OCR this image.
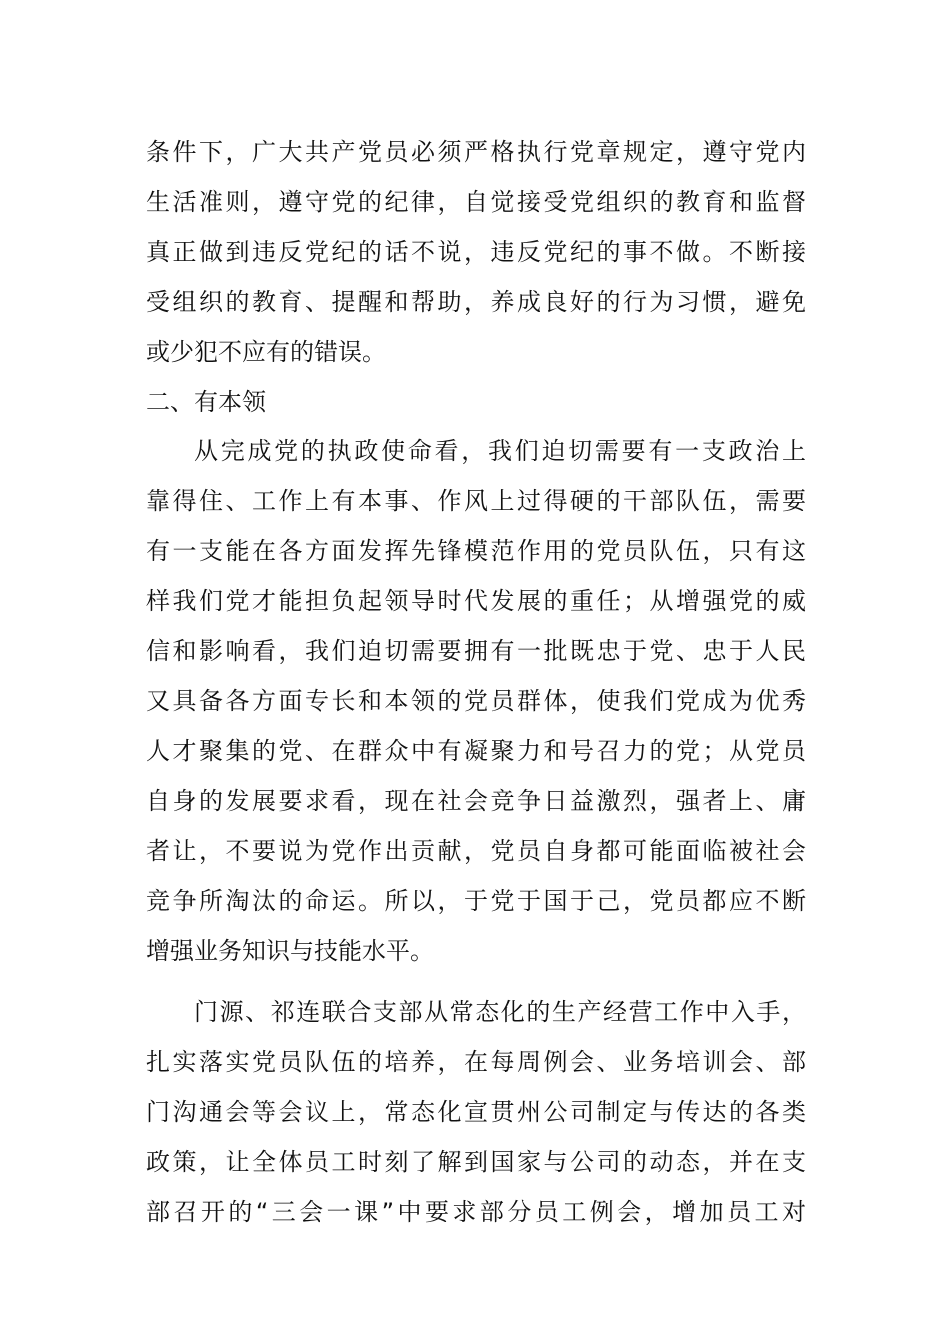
条件下，广大共产党员必须严格执行党章规定，遵守党内
生活准则，遵守党的纪律，自觉接受党组织的教育和监督
真正做到违反党纪的话不说，违反党纪的事不做。不断接
受组织的教育、提醒和帮助，养成良好的行为习惯，避免
或少犯不应有的错误。
二、有本领
从完成党的执政使命看，我们迫切需要有一支政治上
靠得住、工作上有本事、作风上过得硬的干部队伍，需要
有一支能在各方面发挥先锋模范作用的党员队伍，只有这
样我们党才能担负起领导时代发展的重任；从增强党的威
信和影响看，我们迫切需要拥有一批既忠于党、忠于人民
又具备各方面专长和本领的党员群体，使我们党成为优秀
人才聚集的党、在群众中有凝聚力和号召力的党；从党员
自身的发展要求看，现在社会竞争日益激烈，强者上、庸
者让，不要说为党作出贡献，党员自身都可能面临被社会
竞争所淘汰的命运。所以，于党于国于己，党员都应不断
增强业务知识与技能水平。
门源、祁连联合支部从常态化的生产经营工作中入手，
扎实落实党员队伍的培养，在每周例会、业务培训会、部
门沟通会等会议上，常态化宣贯州公司制定与传达的各类
政策，让全体员工时刻了解到国家与公司的动态，并在支
部召开的“三会一课”中要求部分员工例会，增加员工对
